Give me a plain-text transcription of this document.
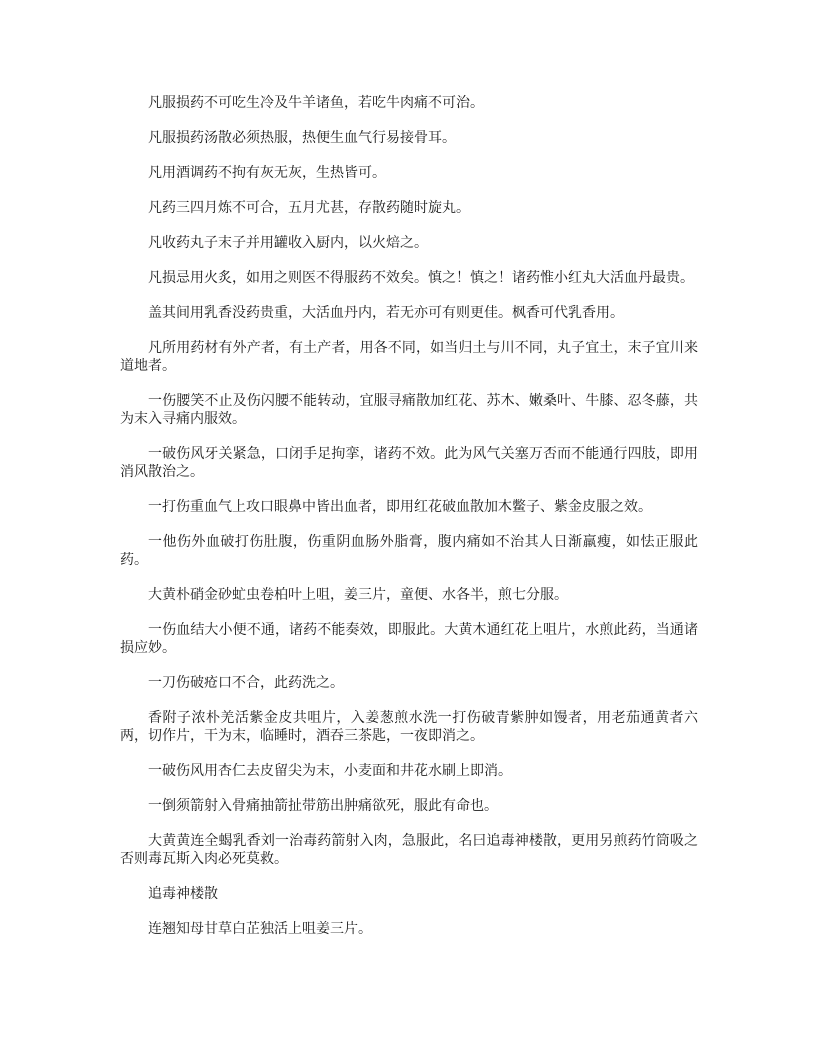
凡服损药不可吃生冷及牛羊诸鱼，若吃牛肉痛不可治。

凡服损药汤散必须热服，热便生血气行易接骨耳。

凡用酒调药不拘有灰无灰，生热皆可。

凡药三四月炼不可合，五月尤甚，存散药随时旋丸。

凡收药丸子末子并用罐收入厨内，以火焙之。

凡损忌用火炙，如用之则医不得服药不效矣。慎之！慎之！诸药惟小红丸大活血丹最贵。

盖其间用乳香没药贵重，大活血丹内，若无亦可有则更佳。枫香可代乳香用。

凡所用药材有外产者，有土产者，用各不同，如当归土与川不同，丸子宜土，末子宜川来道地者。

一伤腰笑不止及伤闪腰不能转动，宜服寻痛散加红花、苏木、嫩桑叶、牛膝、忍冬藤，共为末入寻痛内服效。

一破伤风牙关紧急，口闭手足拘挛，诸药不效。此为风气关塞万否而不能通行四肢，即用消风散治之。

一打伤重血气上攻口眼鼻中皆出血者，即用红花破血散加木鳖子、紫金皮服之效。

一他伤外血破打伤肚腹，伤重阴血肠外脂膏，腹内痛如不治其人日渐羸瘦，如怯正服此药。

大黄朴硝金砂虻虫卷柏叶上咀，姜三片，童便、水各半，煎七分服。

一伤血结大小便不通，诸药不能奏效，即服此。大黄木通红花上咀片，水煎此药，当通诸损应妙。

一刀伤破疮口不合，此药洗之。

香附子浓朴羌活紫金皮共咀片，入姜葱煎水洗一打伤破青紫肿如馒者，用老茄通黄者六两，切作片，干为末，临睡时，酒吞三茶匙，一夜即消之。

一破伤风用杏仁去皮留尖为末，小麦面和井花水刷上即消。

一倒须箭射入骨痛抽箭扯带筋出肿痛欲死，服此有命也。

大黄黄连全蝎乳香刘一治毒药箭射入肉，急服此，名曰追毒神楼散，更用另煎药竹筒吸之否则毒瓦斯入肉必死莫救。

追毒神楼散

连翘知母甘草白芷独活上咀姜三片。
